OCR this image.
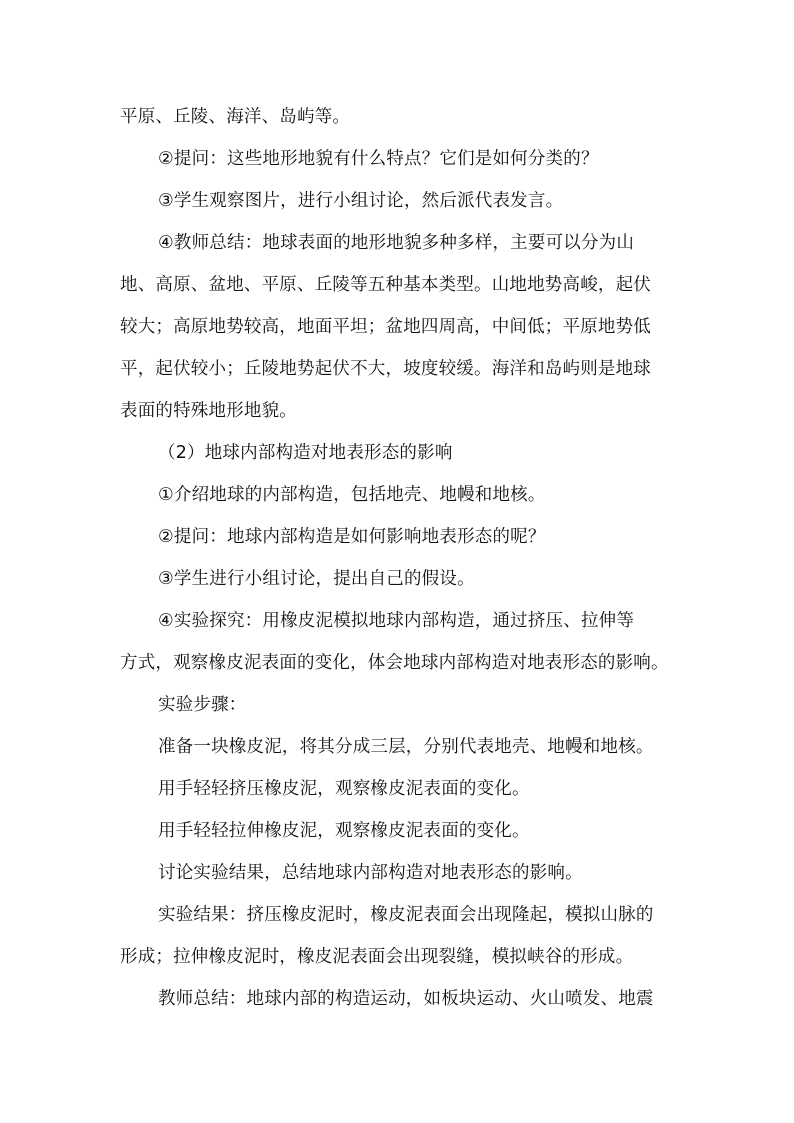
平原、丘陵、海洋、岛屿等。
②提问：这些地形地貌有什么特点？它们是如何分类的？
③学生观察图片，进行小组讨论，然后派代表发言。
④教师总结：地球表面的地形地貌多种多样，主要可以分为山
地、高原、盆地、平原、丘陵等五种基本类型。山地地势高峻，起伏
较大；高原地势较高，地面平坦；盆地四周高，中间低；平原地势低
平，起伏较小；丘陵地势起伏不大，坡度较缓。海洋和岛屿则是地球
表面的特殊地形地貌。
（2）地球内部构造对地表形态的影响
①介绍地球的内部构造，包括地壳、地幔和地核。
②提问：地球内部构造是如何影响地表形态的呢？
③学生进行小组讨论，提出自己的假设。
④实验探究：用橡皮泥模拟地球内部构造，通过挤压、拉伸等
方式，观察橡皮泥表面的变化，体会地球内部构造对地表形态的影响。
实验步骤：
准备一块橡皮泥，将其分成三层，分别代表地壳、地幔和地核。
用手轻轻挤压橡皮泥，观察橡皮泥表面的变化。
用手轻轻拉伸橡皮泥，观察橡皮泥表面的变化。
讨论实验结果，总结地球内部构造对地表形态的影响。
实验结果：挤压橡皮泥时，橡皮泥表面会出现隆起，模拟山脉的
形成；拉伸橡皮泥时，橡皮泥表面会出现裂缝，模拟峡谷的形成。
教师总结：地球内部的构造运动，如板块运动、火山喷发、地震
